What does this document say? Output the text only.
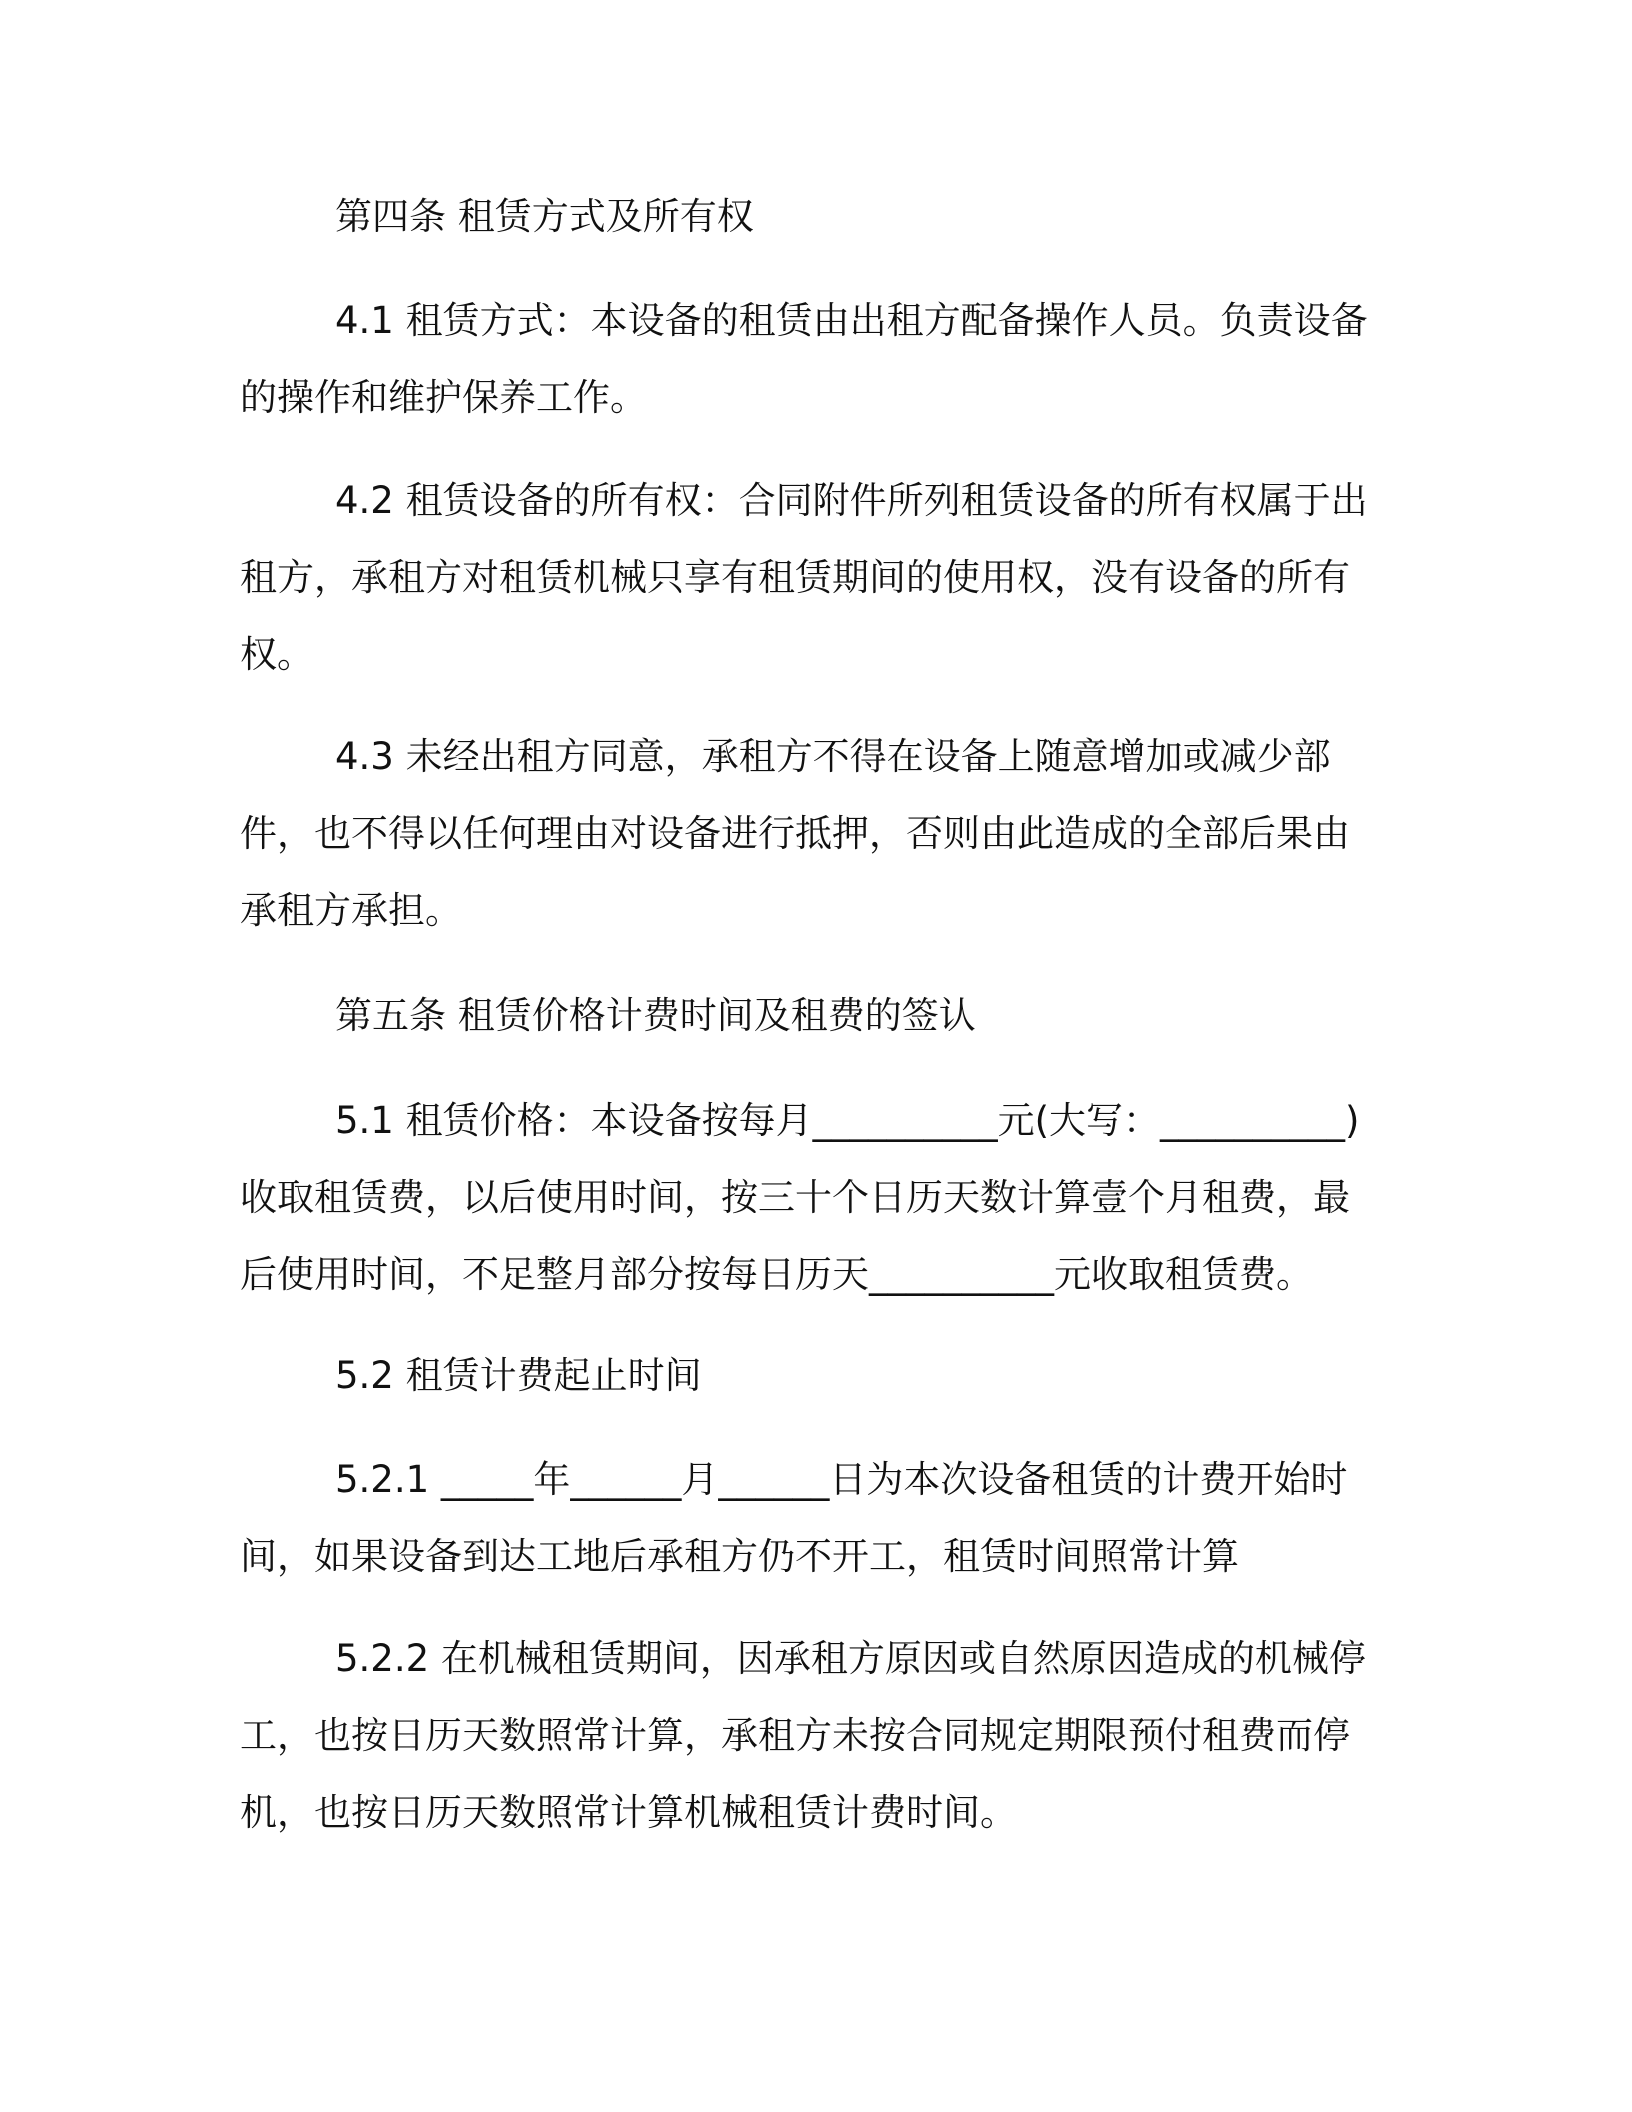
第四条 租赁方式及所有权
4.1 租赁方式：本设备的租赁由出租方配备操作人员。负责设备的操作和维护保养工作。
4.2 租赁设备的所有权：合同附件所列租赁设备的所有权属于出租方，承租方对租赁机械只享有租赁期间的使用权，没有设备的所有权。
4.3 未经出租方同意，承租方不得在设备上随意增加或减少部件，也不得以任何理由对设备进行抵押，否则由此造成的全部后果由承租方承担。
第五条 租赁价格计费时间及租费的签认
5.1 租赁价格：本设备按每月__________元(大写：__________)收取租赁费，以后使用时间，按三十个日历天数计算壹个月租费，最后使用时间，不足整月部分按每日历天__________元收取租赁费。
5.2 租赁计费起止时间
5.2.1 _____年______月______日为本次设备租赁的计费开始时间，如果设备到达工地后承租方仍不开工，租赁时间照常计算
5.2.2 在机械租赁期间，因承租方原因或自然原因造成的机械停工，也按日历天数照常计算，承租方未按合同规定期限预付租费而停机，也按日历天数照常计算机械租赁计费时间。
